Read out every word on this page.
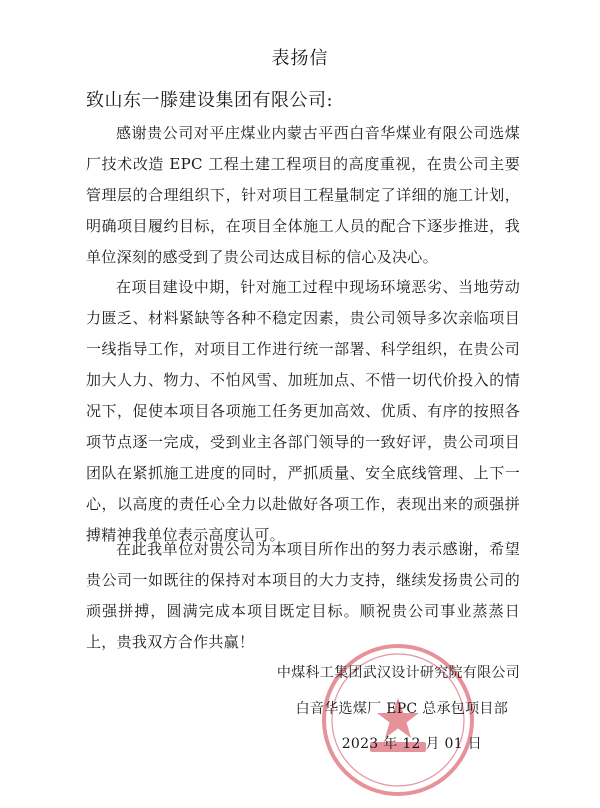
表扬信
致山东一滕建设集团有限公司:
感谢贵公司对平庄煤业内蒙古平西白音华煤业有限公司选煤厂技术改造 EPC 工程土建工程项目的高度重视，在贵公司主要管理层的合理组织下，针对项目工程量制定了详细的施工计划，明确项目履约目标，在项目全体施工人员的配合下逐步推进，我单位深刻的感受到了贵公司达成目标的信心及决心。
在项目建设中期，针对施工过程中现场环境恶劣、当地劳动力匮乏、材料紧缺等各种不稳定因素，贵公司领导多次亲临项目一线指导工作，对项目工作进行统一部署、科学组织，在贵公司加大人力、物力、不怕风雪、加班加点、不惜一切代价投入的情况下，促使本项目各项施工任务更加高效、优质、有序的按照各项节点逐一完成，受到业主各部门领导的一致好评，贵公司项目团队在紧抓施工进度的同时，严抓质量、安全底线管理、上下一心，以高度的责任心全力以赴做好各项工作，表现出来的顽强拼搏精神我单位表示高度认可。
在此我单位对贵公司为本项目所作出的努力表示感谢，希望贵公司一如既往的保持对本项目的大力支持，继续发扬贵公司的顽强拼搏，圆满完成本项目既定目标。顺祝贵公司事业蒸蒸日上，贵我双方合作共赢！
中煤科工集团武汉设计研究院有限公司
白音华选煤厂 EPC 总承包项目部
2023 年 12 月 01 日
